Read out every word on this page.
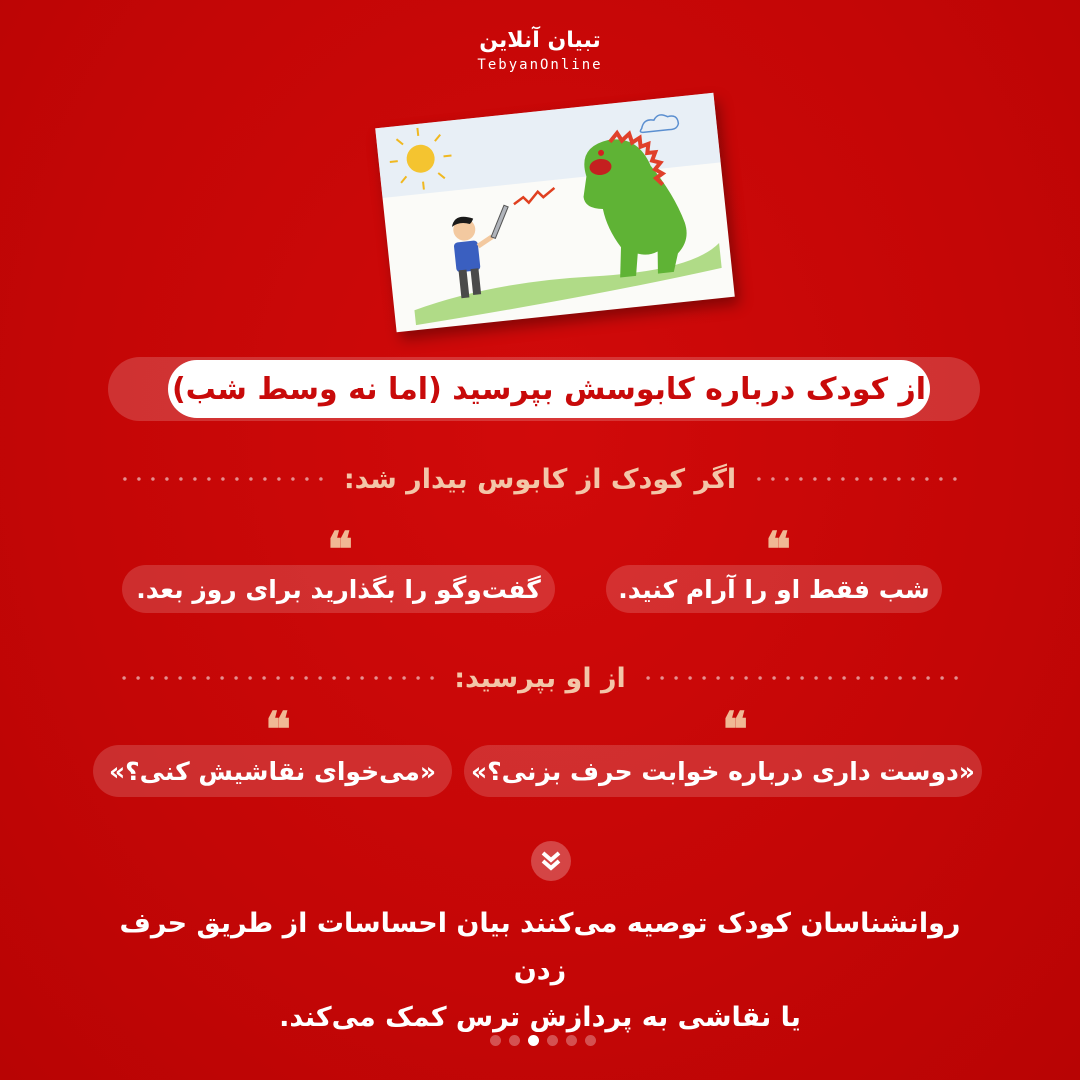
تبیان آنلاین
TebyanOnline
از کودک درباره کابوسش بپرسید (اما نه وسط شب)
اگر کودک از کابوس بیدار شد:
❝
شب فقط او را آرام کنید.
❝
گفت‌وگو را بگذارید برای روز بعد.
از او بپرسید:
❝
«دوست داری درباره خوابت حرف بزنی؟»
❝
«می‌خوای نقاشیش کنی؟»
روانشناسان کودک توصیه می‌کنند بیان احساسات از طریق حرف زدن
یا نقاشی به پردازش ترس کمک می‌کند.
